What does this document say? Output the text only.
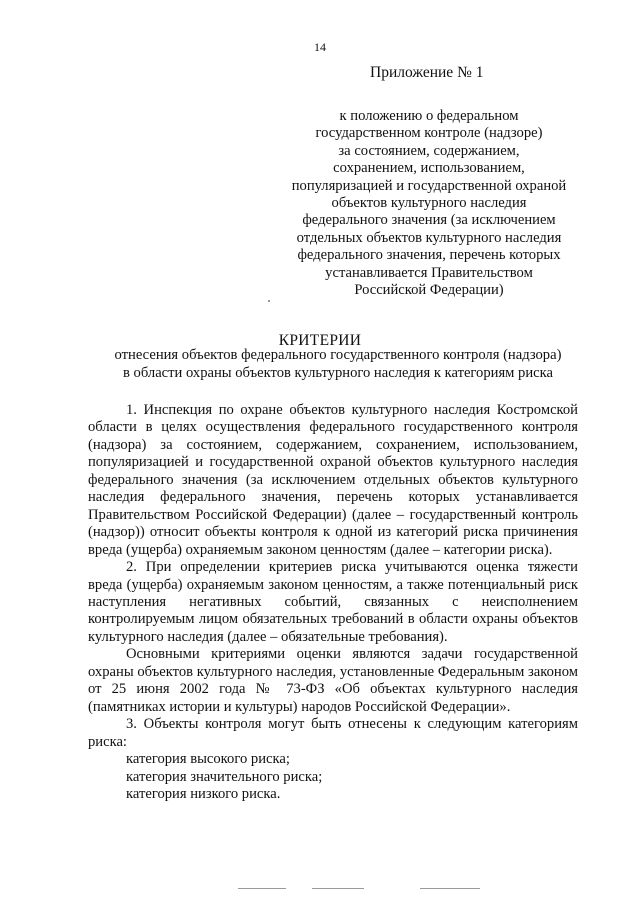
14
Приложение № 1
к положению о федеральном
государственном контроле (надзоре)
за состоянием, содержанием,
сохранением, использованием,
популяризацией и государственной охраной
объектов культурного наследия
федерального значения (за исключением
отдельных объектов культурного наследия
федерального значения, перечень которых
устанавливается Правительством
Российской Федерации)
КРИТЕРИИ
отнесения объектов федерального государственного контроля (надзора)
в области охраны объектов культурного наследия к категориям риска

1. Инспекция по охране объектов культурного наследия Костромской области в целях осуществления федерального государственного контроля (надзора) за состоянием, содержанием, сохранением, использованием, популяризацией и государственной охраной объектов культурного наследия федерального значения (за исключением отдельных объектов культурного наследия федерального значения, перечень которых устанавливается Правительством Российской Федерации) (далее – государственный контроль (надзор)) относит объекты контроля к одной из категорий риска причинения вреда (ущерба) охраняемым законом ценностям (далее – категории риска).

2. При определении критериев риска учитываются оценка тяжести вреда (ущерба) охраняемым законом ценностям, а также потенциальный риск наступления негативных событий, связанных с неисполнением контролируемым лицом обязательных требований в области охраны объектов культурного наследия (далее – обязательные требования).

Основными критериями оценки являются задачи государственной охраны объектов культурного наследия, установленные Федеральным законом от 25 июня 2002 года № 73-ФЗ «Об объектах культурного наследия (памятниках истории и культуры) народов Российской Федерации».

3. Объекты контроля могут быть отнесены к следующим категориям риска:

категория высокого риска;
категория значительного риска;
категория низкого риска.
